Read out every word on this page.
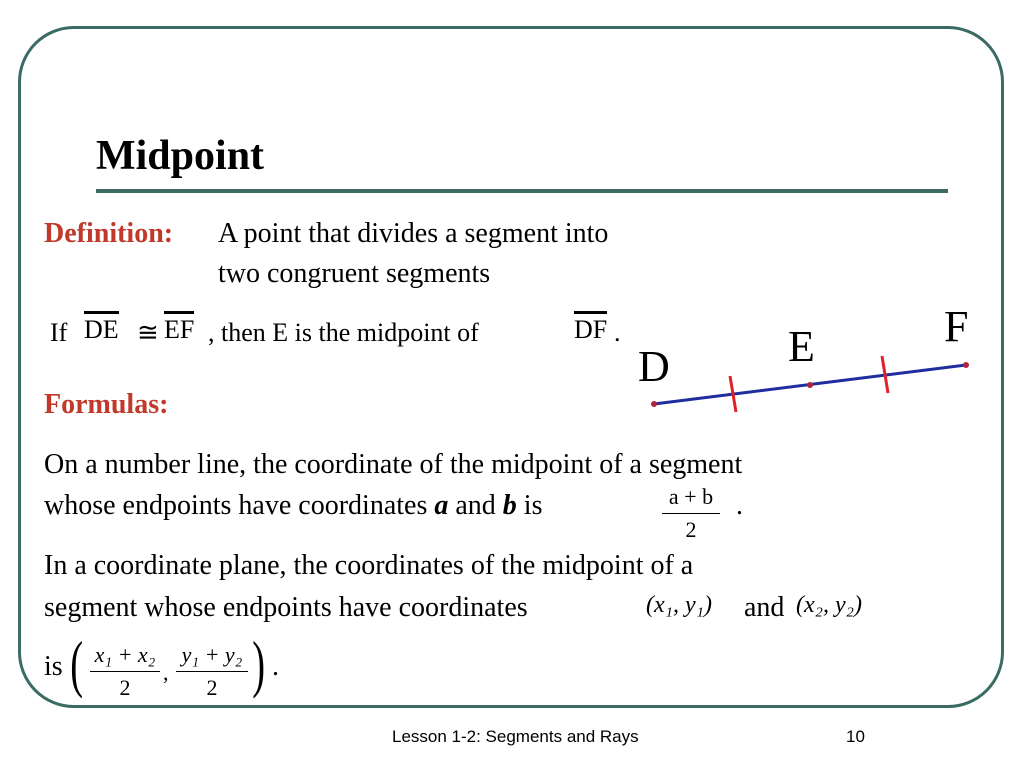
Midpoint
Definition: A point that divides a segment into
two congruent segments
If DE ≅ EF , then E is the midpoint of	DF .
D	E	F
Formulas:
On a number line, the coordinate of the midpoint of a segment
whose endpoints have coordinates a and b is	a + b
2
.
In a coordinate plane, the coordinates of the midpoint of a
segment whose endpoints have coordinates	(x₁, y₁) and (x₂, y₂)
is ( x₁ + x₂
2
,
y₁ + y₂
2 ) .
Lesson 1-2: Segments and Rays	10
